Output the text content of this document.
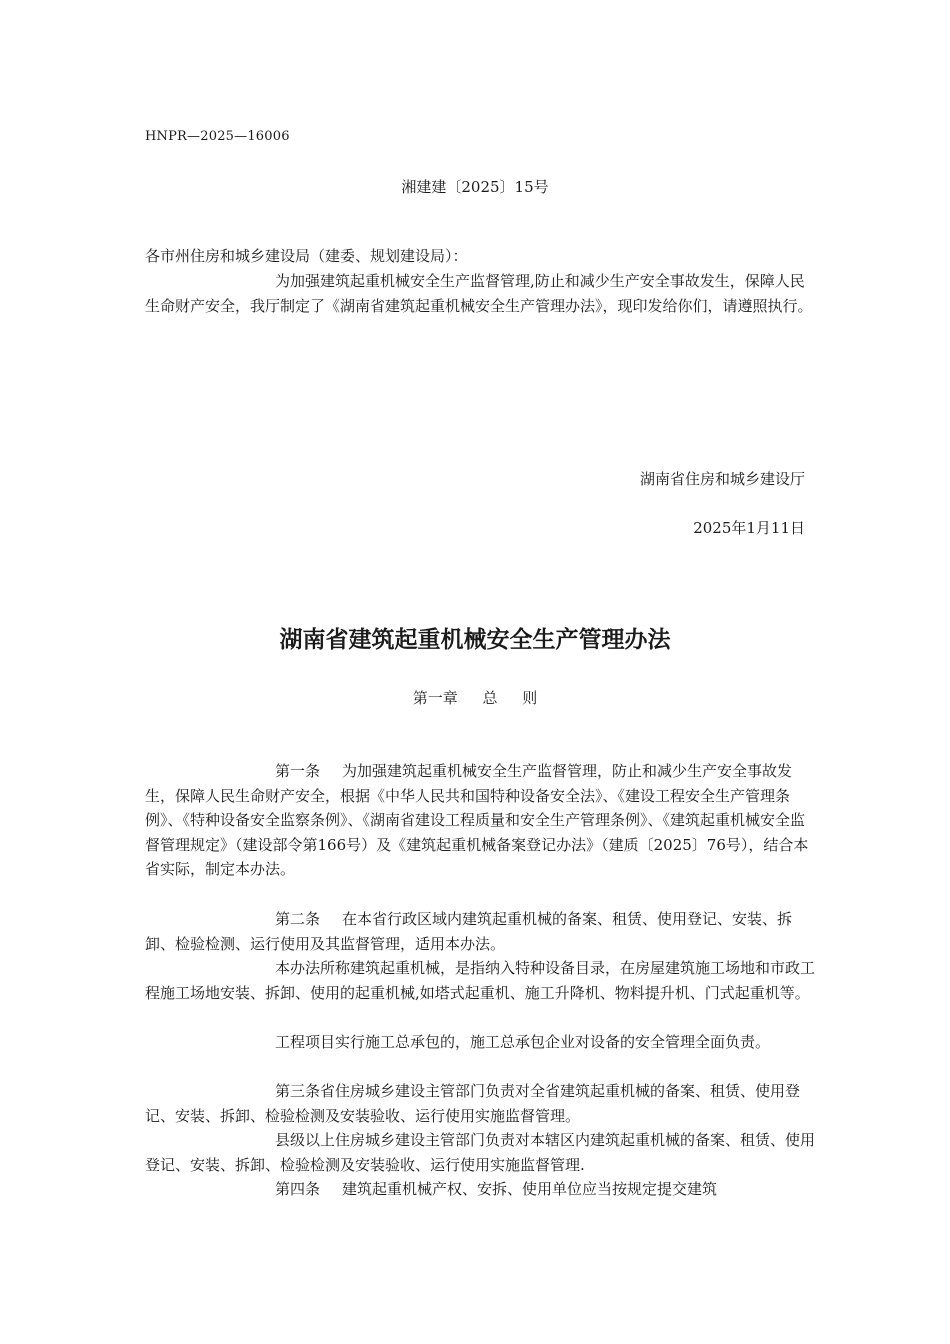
HNPR—2025—16006
湘建建〔2025〕15号

各市州住房和城乡建设局（建委、规划建设局）：

为加强建筑起重机械安全生产监督管理,防止和减少生产安全事故发生，保障人民生命财产安全，我厅制定了《湖南省建筑起重机械安全生产管理办法》，现印发给你们，请遵照执行。

湖南省住房和城乡建设厅
2025年1月11日
湖南省建筑起重机械安全生产管理办法
第一章 总 则

第一条 为加强建筑起重机械安全生产监督管理，防止和减少生产安全事故发生，保障人民生命财产安全，根据《中华人民共和国特种设备安全法》、《建设工程安全生产管理条例》、《特种设备安全监察条例》、《湖南省建设工程质量和安全生产管理条例》、《建筑起重机械安全监督管理规定》（建设部令第166号）及《建筑起重机械备案登记办法》（建质〔2025〕76号），结合本省实际，制定本办法。

第二条 在本省行政区域内建筑起重机械的备案、租赁、使用登记、安装、拆卸、检验检测、运行使用及其监督管理，适用本办法。

本办法所称建筑起重机械，是指纳入特种设备目录，在房屋建筑施工场地和市政工程施工场地安装、拆卸、使用的起重机械,如塔式起重机、施工升降机、物料提升机、门式起重机等。

工程项目实行施工总承包的，施工总承包企业对设备的安全管理全面负责。

第三条省住房城乡建设主管部门负责对全省建筑起重机械的备案、租赁、使用登记、安装、拆卸、检验检测及安装验收、运行使用实施监督管理。

县级以上住房城乡建设主管部门负责对本辖区内建筑起重机械的备案、租赁、使用登记、安装、拆卸、检验检测及安装验收、运行使用实施监督管理.

第四条 建筑起重机械产权、安拆、使用单位应当按规定提交建筑
